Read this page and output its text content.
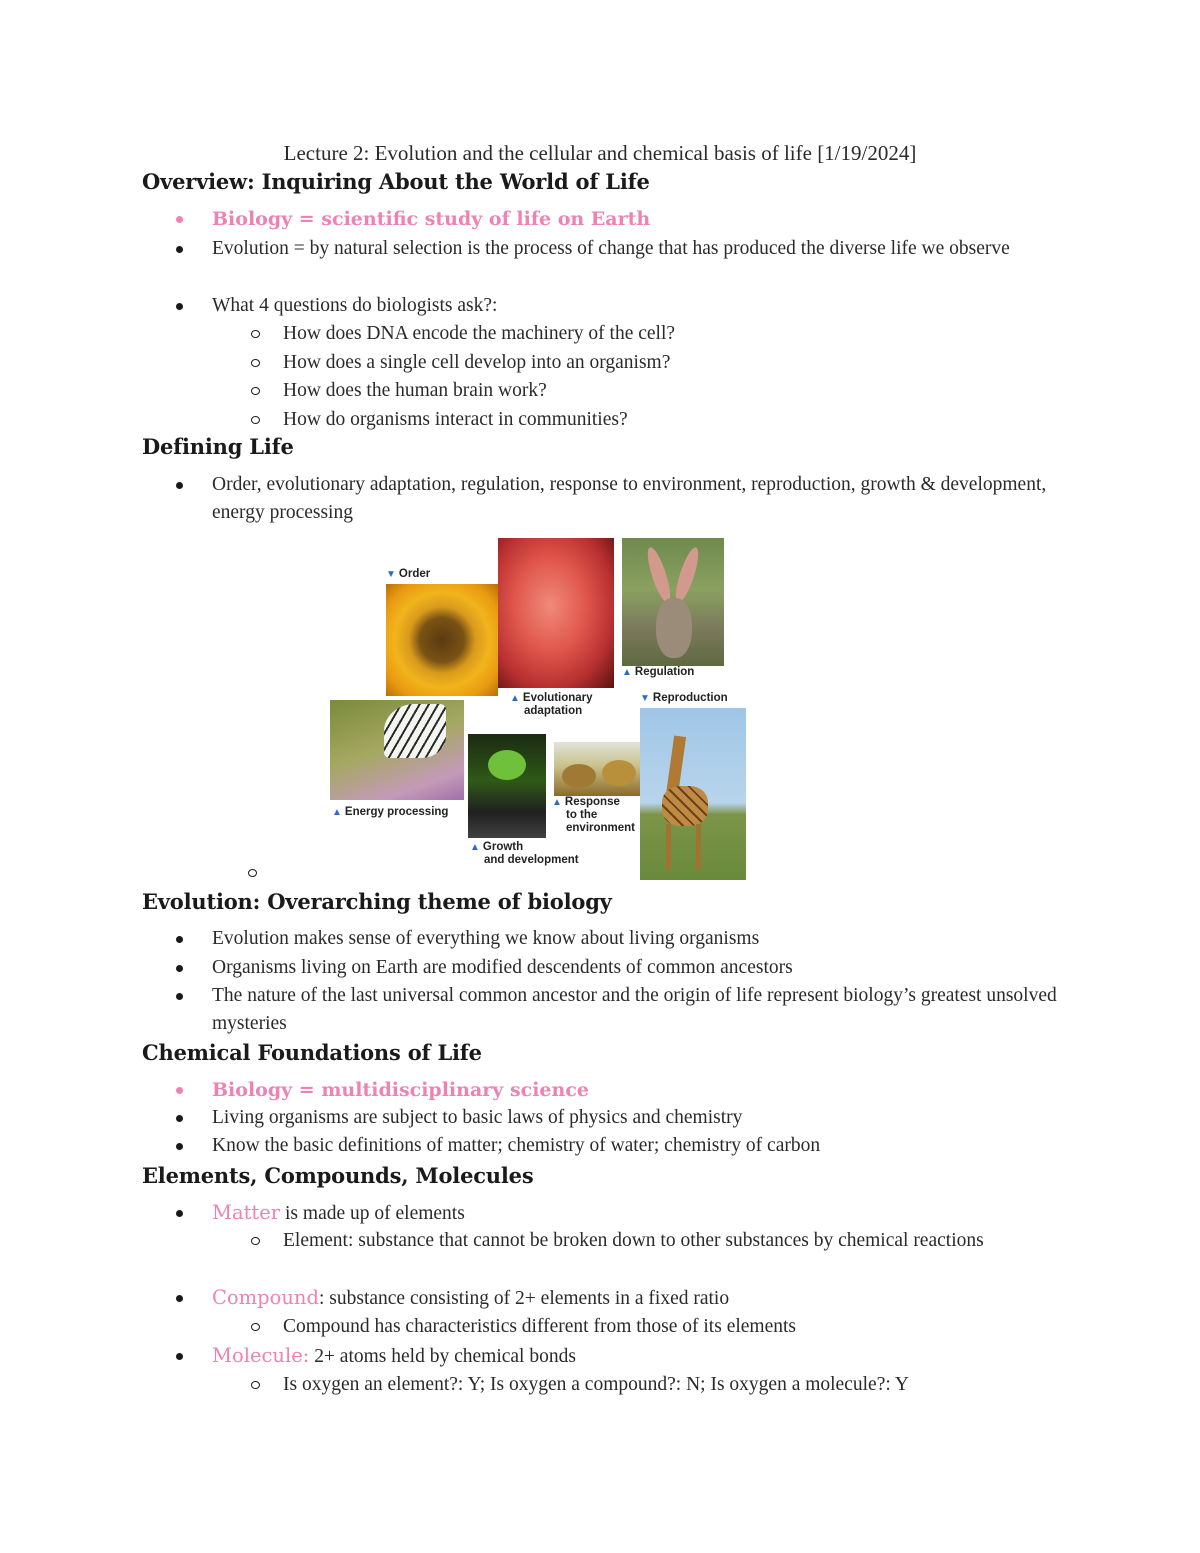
Lecture 2: Evolution and the cellular and chemical basis of life [1/19/2024]
Overview: Inquiring About the World of Life
Biology = scientific study of life on Earth
Evolution = by natural selection is the process of change that has produced the diverse life we observe
What 4 questions do biologists ask?:
How does DNA encode the machinery of the cell?
How does a single cell develop into an organism?
How does the human brain work?
How do organisms interact in communities?
Defining Life
Order, evolutionary adaptation, regulation, response to environment, reproduction, growth & development, energy processing
▼ Order
▲ Evolutionary
adaptation
▲ Regulation
▼ Reproduction
▲ Energy processing
▲ Response
to the
environment
▲ Growth
and development
Evolution: Overarching theme of biology
Evolution makes sense of everything we know about living organisms
Organisms living on Earth are modified descendents of common ancestors
The nature of the last universal common ancestor and the origin of life represent biology’s greatest unsolved mysteries
Chemical Foundations of Life
Biology = multidisciplinary science
Living organisms are subject to basic laws of physics and chemistry
Know the basic definitions of matter; chemistry of water; chemistry of carbon
Elements, Compounds, Molecules
Matter is made up of elements
Element: substance that cannot be broken down to other substances by chemical reactions
Compound: substance consisting of 2+ elements in a fixed ratio
Compound has characteristics different from those of its elements
Molecule: 2+ atoms held by chemical bonds
Is oxygen an element?: Y; Is oxygen a compound?: N; Is oxygen a molecule?: Y
